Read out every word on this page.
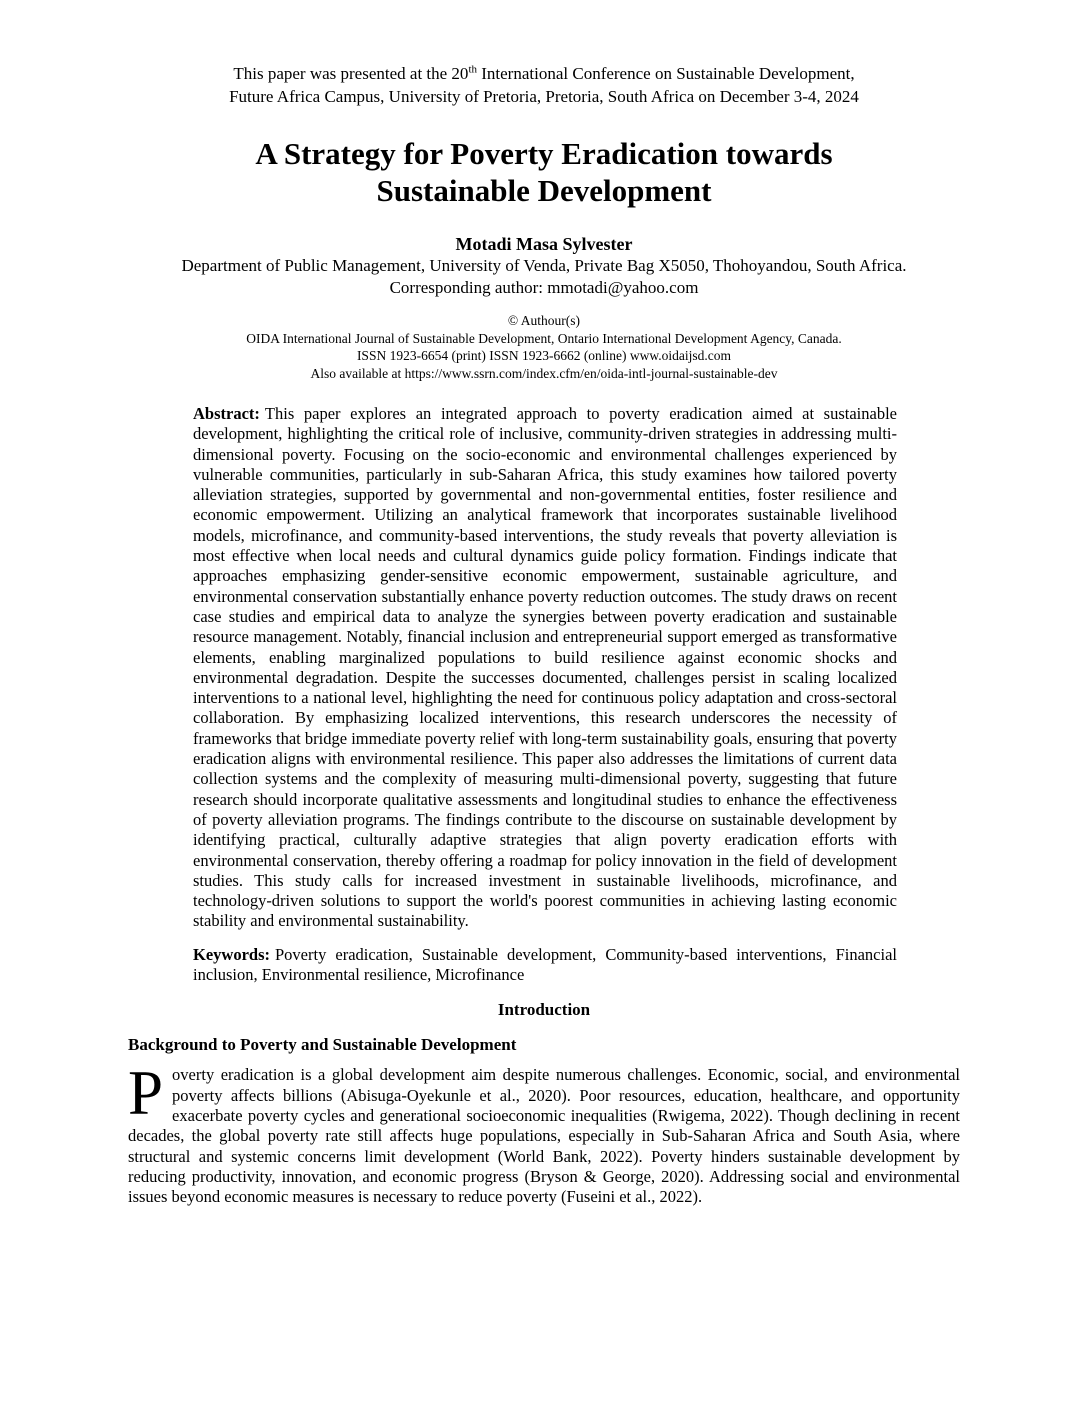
This paper was presented at the 20th International Conference on Sustainable Development,
Future Africa Campus, University of Pretoria, Pretoria, South Africa on December 3-4, 2024
A Strategy for Poverty Eradication towards
Sustainable Development
Motadi Masa Sylvester
Department of Public Management, University of Venda, Private Bag X5050, Thohoyandou, South Africa.
Corresponding author: mmotadi@yahoo.com
© Authour(s)
OIDA International Journal of Sustainable Development, Ontario International Development Agency, Canada.
ISSN 1923-6654 (print) ISSN 1923-6662 (online) www.oidaijsd.com
Also available at https://www.ssrn.com/index.cfm/en/oida-intl-journal-sustainable-dev
Abstract: This paper explores an integrated approach to poverty eradication aimed at sustainable development, highlighting the critical role of inclusive, community-driven strategies in addressing multi-dimensional poverty. Focusing on the socio-economic and environmental challenges experienced by vulnerable communities, particularly in sub-Saharan Africa, this study examines how tailored poverty alleviation strategies, supported by governmental and non-governmental entities, foster resilience and economic empowerment. Utilizing an analytical framework that incorporates sustainable livelihood models, microfinance, and community-based interventions, the study reveals that poverty alleviation is most effective when local needs and cultural dynamics guide policy formation. Findings indicate that approaches emphasizing gender-sensitive economic empowerment, sustainable agriculture, and environmental conservation substantially enhance poverty reduction outcomes. The study draws on recent case studies and empirical data to analyze the synergies between poverty eradication and sustainable resource management. Notably, financial inclusion and entrepreneurial support emerged as transformative elements, enabling marginalized populations to build resilience against economic shocks and environmental degradation. Despite the successes documented, challenges persist in scaling localized interventions to a national level, highlighting the need for continuous policy adaptation and cross-sectoral collaboration. By emphasizing localized interventions, this research underscores the necessity of frameworks that bridge immediate poverty relief with long-term sustainability goals, ensuring that poverty eradication aligns with environmental resilience. This paper also addresses the limitations of current data collection systems and the complexity of measuring multi-dimensional poverty, suggesting that future research should incorporate qualitative assessments and longitudinal studies to enhance the effectiveness of poverty alleviation programs. The findings contribute to the discourse on sustainable development by identifying practical, culturally adaptive strategies that align poverty eradication efforts with environmental conservation, thereby offering a roadmap for policy innovation in the field of development studies. This study calls for increased investment in sustainable livelihoods, microfinance, and technology-driven solutions to support the world's poorest communities in achieving lasting economic stability and environmental sustainability.
Keywords: Poverty eradication, Sustainable development, Community-based interventions, Financial inclusion, Environmental resilience, Microfinance
Introduction
Background to Poverty and Sustainable Development
Poverty eradication is a global development aim despite numerous challenges. Economic, social, and environmental poverty affects billions (Abisuga-Oyekunle et al., 2020). Poor resources, education, healthcare, and opportunity exacerbate poverty cycles and generational socioeconomic inequalities (Rwigema, 2022). Though declining in recent decades, the global poverty rate still affects huge populations, especially in Sub-Saharan Africa and South Asia, where structural and systemic concerns limit development (World Bank, 2022). Poverty hinders sustainable development by reducing productivity, innovation, and economic progress (Bryson & George, 2020). Addressing social and environmental issues beyond economic measures is necessary to reduce poverty (Fuseini et al., 2022).
